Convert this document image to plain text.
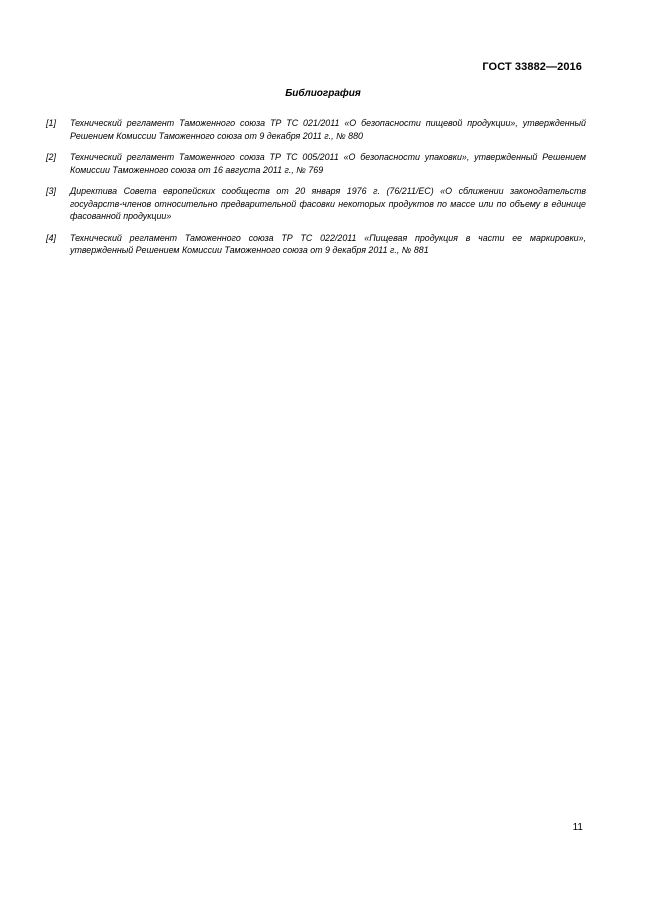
ГОСТ 33882—2016
Библиография
[1]	Технический регламент Таможенного союза ТР ТС 021/2011 «О безопасности пищевой продукции», утвержденный Решением Комиссии Таможенного союза от 9 декабря 2011 г., № 880
[2]	Технический регламент Таможенного союза ТР ТС 005/2011 «О безопасности упаковки», утвержденный Решением Комиссии Таможенного союза от 16 августа 2011 г., № 769
[3]	Директива Совета европейских сообществ от 20 января 1976 г. (76/211/ЕС) «О сближении законодательств государств-членов относительно предварительной фасовки некоторых продуктов по массе или по объему в единице фасованной продукции»
[4]	Технический регламент Таможенного союза ТР ТС 022/2011 «Пищевая продукция в части ее маркировки», утвержденный Решением Комиссии Таможенного союза от 9 декабря 2011 г., № 881
11
